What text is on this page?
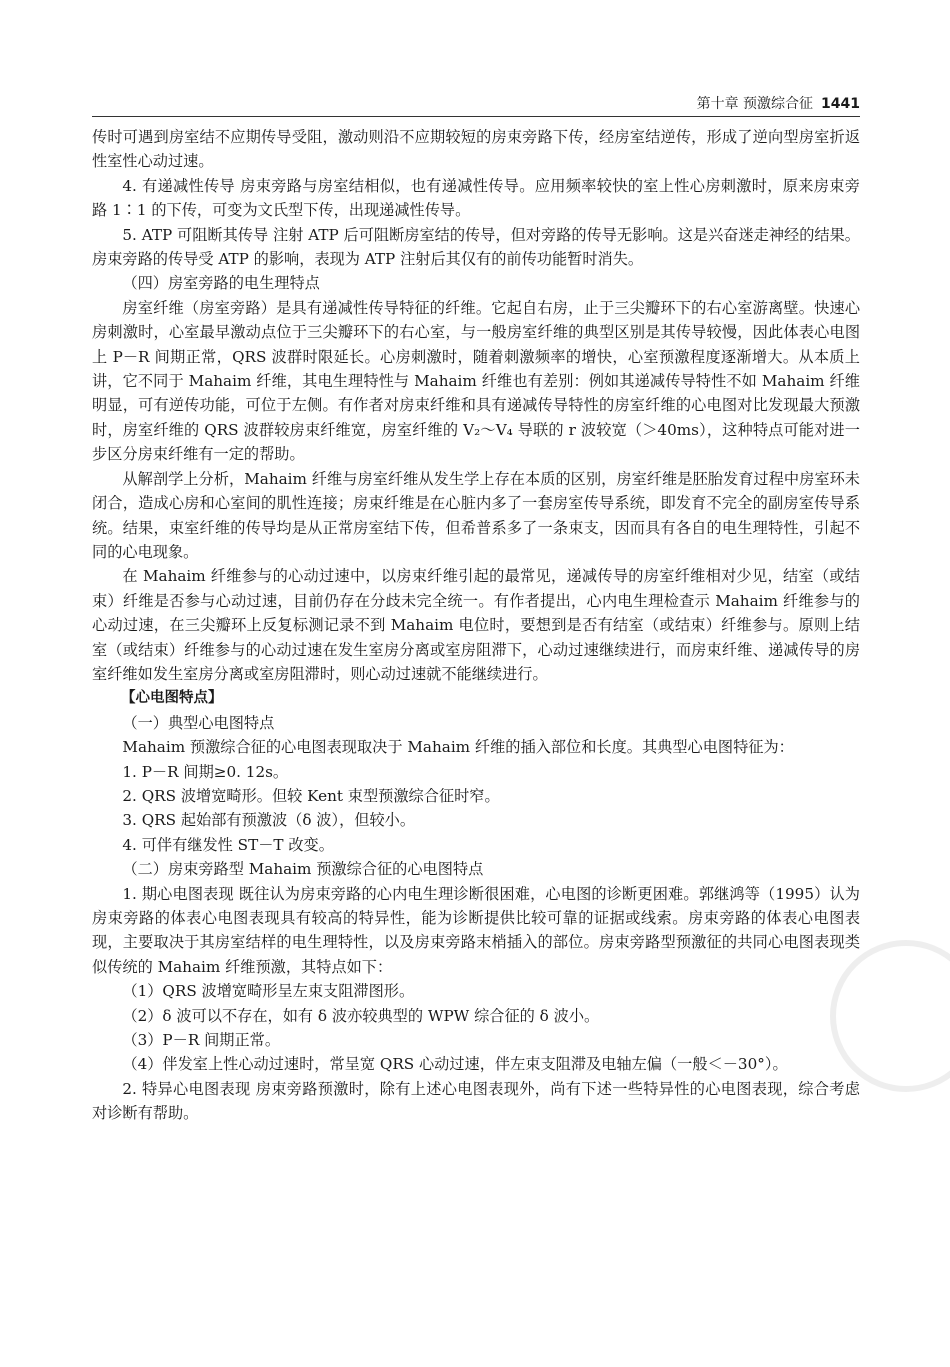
第十章 预激综合征 1441

传时可遇到房室结不应期传导受阻，激动则沿不应期较短的房束旁路下传，经房室结逆传，形成了逆向型房室折返性室性心动过速。

4. 有递减性传导 房束旁路与房室结相似，也有递减性传导。应用频率较快的室上性心房刺激时，原来房束旁路 1∶1 的下传，可变为文氏型下传，出现递减性传导。

5. ATP 可阻断其传导 注射 ATP 后可阻断房室结的传导，但对旁路的传导无影响。这是兴奋迷走神经的结果。房束旁路的传导受 ATP 的影响，表现为 ATP 注射后其仅有的前传功能暂时消失。

（四）房室旁路的电生理特点

房室纤维（房室旁路）是具有递减性传导特征的纤维。它起自右房，止于三尖瓣环下的右心室游离壁。快速心房刺激时，心室最早激动点位于三尖瓣环下的右心室，与一般房室纤维的典型区别是其传导较慢，因此体表心电图上 P－R 间期正常，QRS 波群时限延长。心房刺激时，随着刺激频率的增快，心室预激程度逐渐增大。从本质上讲，它不同于 Mahaim 纤维，其电生理特性与 Mahaim 纤维也有差别：例如其递减传导特性不如 Mahaim 纤维明显，可有逆传功能，可位于左侧。有作者对房束纤维和具有递减传导特性的房室纤维的心电图对比发现最大预激时，房室纤维的 QRS 波群较房束纤维宽，房室纤维的 V₂～V₄ 导联的 r 波较宽（＞40ms），这种特点可能对进一步区分房束纤维有一定的帮助。

从解剖学上分析，Mahaim 纤维与房室纤维从发生学上存在本质的区别，房室纤维是胚胎发育过程中房室环未闭合，造成心房和心室间的肌性连接；房束纤维是在心脏内多了一套房室传导系统，即发育不完全的副房室传导系统。结果，束室纤维的传导均是从正常房室结下传，但希普系多了一条束支，因而具有各自的电生理特性，引起不同的心电现象。

在 Mahaim 纤维参与的心动过速中，以房束纤维引起的最常见，递减传导的房室纤维相对少见，结室（或结束）纤维是否参与心动过速，目前仍存在分歧未完全统一。有作者提出，心内电生理检查示 Mahaim 纤维参与的心动过速，在三尖瓣环上反复标测记录不到 Mahaim 电位时，要想到是否有结室（或结束）纤维参与。原则上结室（或结束）纤维参与的心动过速在发生室房分离或室房阻滞下，心动过速继续进行，而房束纤维、递减传导的房室纤维如发生室房分离或室房阻滞时，则心动过速就不能继续进行。

【心电图特点】

（一）典型心电图特点

Mahaim 预激综合征的心电图表现取决于 Mahaim 纤维的插入部位和长度。其典型心电图特征为：

1. P－R 间期≥0. 12s。

2. QRS 波增宽畸形。但较 Kent 束型预激综合征时窄。

3. QRS 起始部有预激波（δ 波），但较小。

4. 可伴有继发性 ST－T 改变。

（二）房束旁路型 Mahaim 预激综合征的心电图特点

1. 期心电图表现 既往认为房束旁路的心内电生理诊断很困难，心电图的诊断更困难。郭继鸿等（1995）认为房束旁路的体表心电图表现具有较高的特异性，能为诊断提供比较可靠的证据或线索。房束旁路的体表心电图表现，主要取决于其房室结样的电生理特性，以及房束旁路末梢插入的部位。房束旁路型预激征的共同心电图表现类似传统的 Mahaim 纤维预激，其特点如下：

（1）QRS 波增宽畸形呈左束支阻滞图形。

（2）δ 波可以不存在，如有 δ 波亦较典型的 WPW 综合征的 δ 波小。

（3）P－R 间期正常。

（4）伴发室上性心动过速时，常呈宽 QRS 心动过速，伴左束支阻滞及电轴左偏（一般＜－30°）。

2. 特异心电图表现 房束旁路预激时，除有上述心电图表现外，尚有下述一些特异性的心电图表现，综合考虑对诊断有帮助。
